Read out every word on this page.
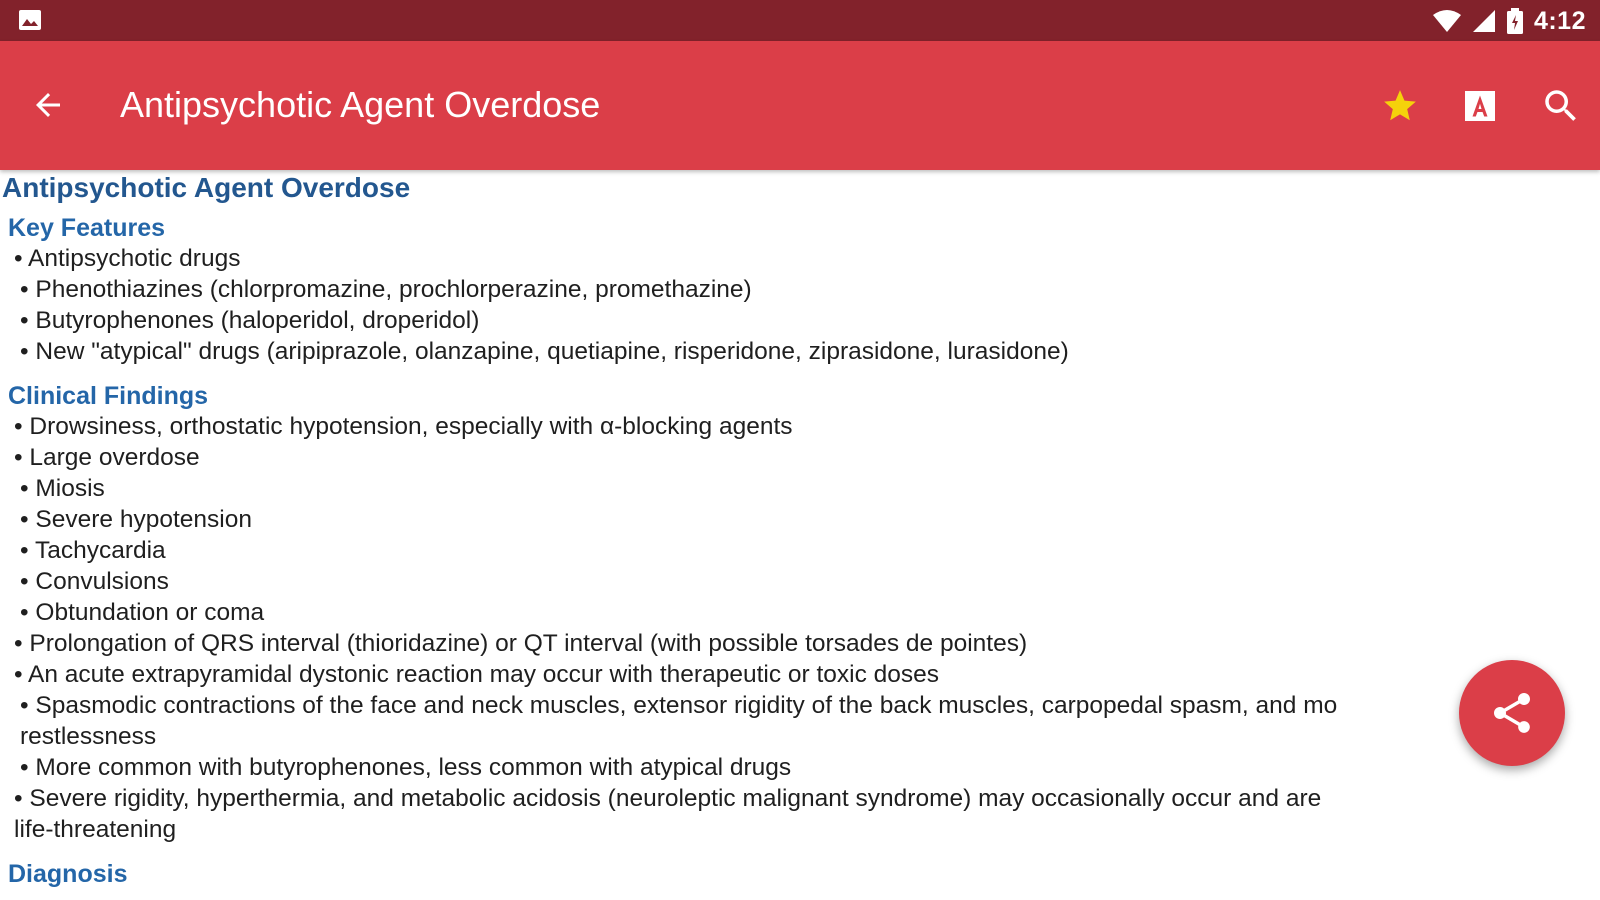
4:12
Antipsychotic Agent Overdose
Antipsychotic Agent Overdose
Key Features
• Antipsychotic drugs
• Phenothiazines (chlorpromazine, prochlorperazine, promethazine)
• Butyrophenones (haloperidol, droperidol)
• New "atypical" drugs (aripiprazole, olanzapine, quetiapine, risperidone, ziprasidone, lurasidone)
Clinical Findings
• Drowsiness, orthostatic hypotension, especially with α-blocking agents
• Large overdose
• Miosis
• Severe hypotension
• Tachycardia
• Convulsions
• Obtundation or coma
• Prolongation of QRS interval (thioridazine) or QT interval (with possible torsades de pointes)
• An acute extrapyramidal dystonic reaction may occur with therapeutic or toxic doses
• Spasmodic contractions of the face and neck muscles, extensor rigidity of the back muscles, carpopedal spasm, and mo
restlessness
• More common with butyrophenones, less common with atypical drugs
• Severe rigidity, hyperthermia, and metabolic acidosis (neuroleptic malignant syndrome) may occasionally occur and are
life-threatening
Diagnosis
